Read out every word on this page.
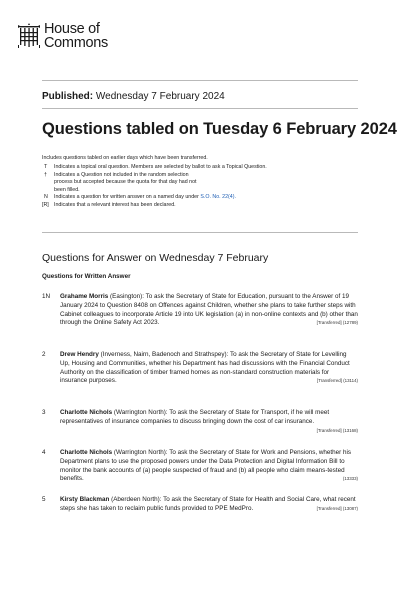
House of
Commons
Published: Wednesday 7 February 2024
Questions tabled on Tuesday 6 February 2024
Includes questions tabled on earlier days which have been transferred.
T	Indicates a topical oral question. Members are selected by ballot to ask a Topical Question.
†	Indicates a Question not included in the random selection process but accepted because the quota for that day had not been filled.
N	Indicates a question for written answer on a named day under S.O. No. 22(4).
[R] Indicates that a relevant interest has been declared.
Questions for Answer on Wednesday 7 February
Questions for Written Answer
1N	Grahame Morris (Easington): To ask the Secretary of State for Education, pursuant to the Answer of 19 January 2024 to Question 8408 on Offences against Children, whether she plans to take further steps with Cabinet colleagues to incorporate Article 19 into UK legislation (a) in non-online contexts and (b) other than through the Online Safety Act 2023.	[Transferred] (12789)
2	Drew Hendry (Inverness, Nairn, Badenoch and Strathspey): To ask the Secretary of State for Levelling Up, Housing and Communities, whether his Department has had discussions with the Financial Conduct Authority on the classification of timber framed homes as non-standard construction materials for insurance purposes.	[Transferred] (13114)
3	Charlotte Nichols (Warrington North): To ask the Secretary of State for Transport, if he will meet representatives of insurance companies to discuss bringing down the cost of car insurance.
[Transferred] (13168)
4	Charlotte Nichols (Warrington North): To ask the Secretary of State for Work and Pensions, whether his Department plans to use the proposed powers under the Data Protection and Digital Information Bill to monitor the bank accounts of (a) people suspected of fraud and (b) all people who claim means-tested benefits.	(13333)
5	Kirsty Blackman (Aberdeen North): To ask the Secretary of State for Health and Social Care, what recent steps she has taken to reclaim public funds provided to PPE MedPro.	[Transferred] (13087)
